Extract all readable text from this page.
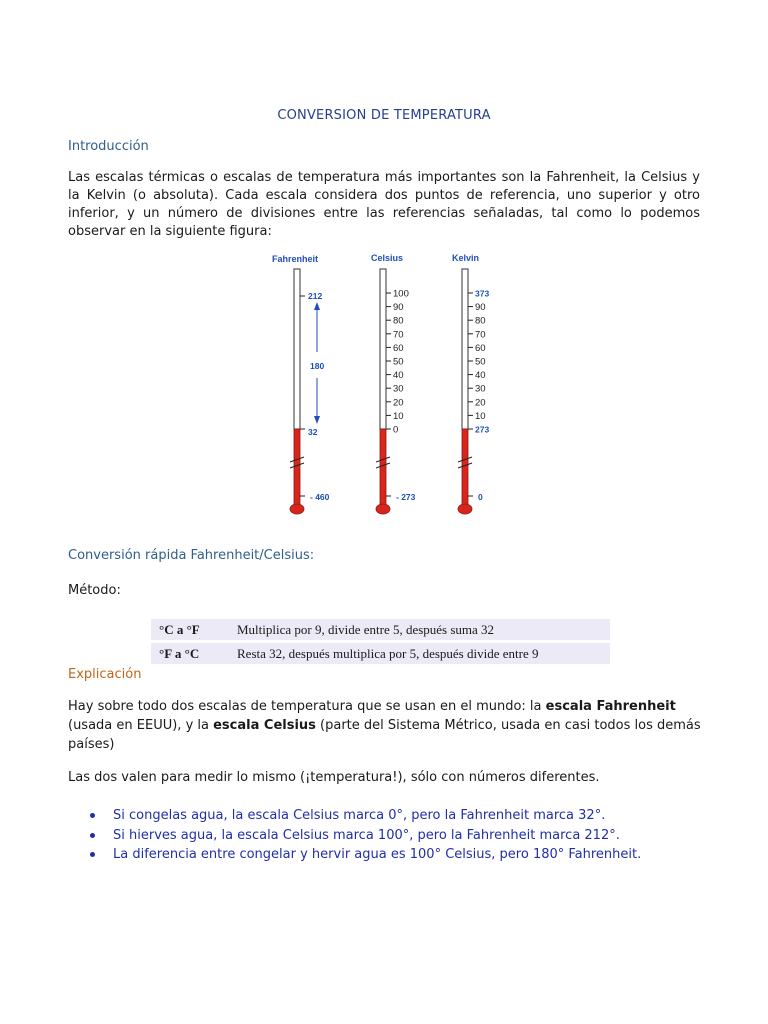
CONVERSION DE TEMPERATURA
Introducción
Las escalas térmicas o escalas de temperatura más importantes son la Fahrenheit, la Celsius y la Kelvin (o absoluta). Cada escala considera dos puntos de referencia, uno superior y otro inferior, y un número de divisiones entre las referencias señaladas, tal como lo podemos observar en la siguiente figura:
Fahrenheit	Celsius	Kelvin
212
180
32
- 460
100
90
80
70
60
50
40
30
20
10
0
- 273
373
90
80
70
60
50
40
30
20
10
273
0
Conversión rápida Fahrenheit/Celsius:
Método:
°C a °F	Multiplica por 9, divide entre 5, después suma 32
°F a °C	Resta 32, después multiplica por 5, después divide entre 9
Explicación
Hay sobre todo dos escalas de temperatura que se usan en el mundo: la escala Fahrenheit (usada en EEUU), y la escala Celsius (parte del Sistema Métrico, usada en casi todos los demás países)
Las dos valen para medir lo mismo (¡temperatura!), sólo con números diferentes.
Si congelas agua, la escala Celsius marca 0°, pero la Fahrenheit marca 32°.
Si hierves agua, la escala Celsius marca 100°, pero la Fahrenheit marca 212°.
La diferencia entre congelar y hervir agua es 100° Celsius, pero 180° Fahrenheit.
